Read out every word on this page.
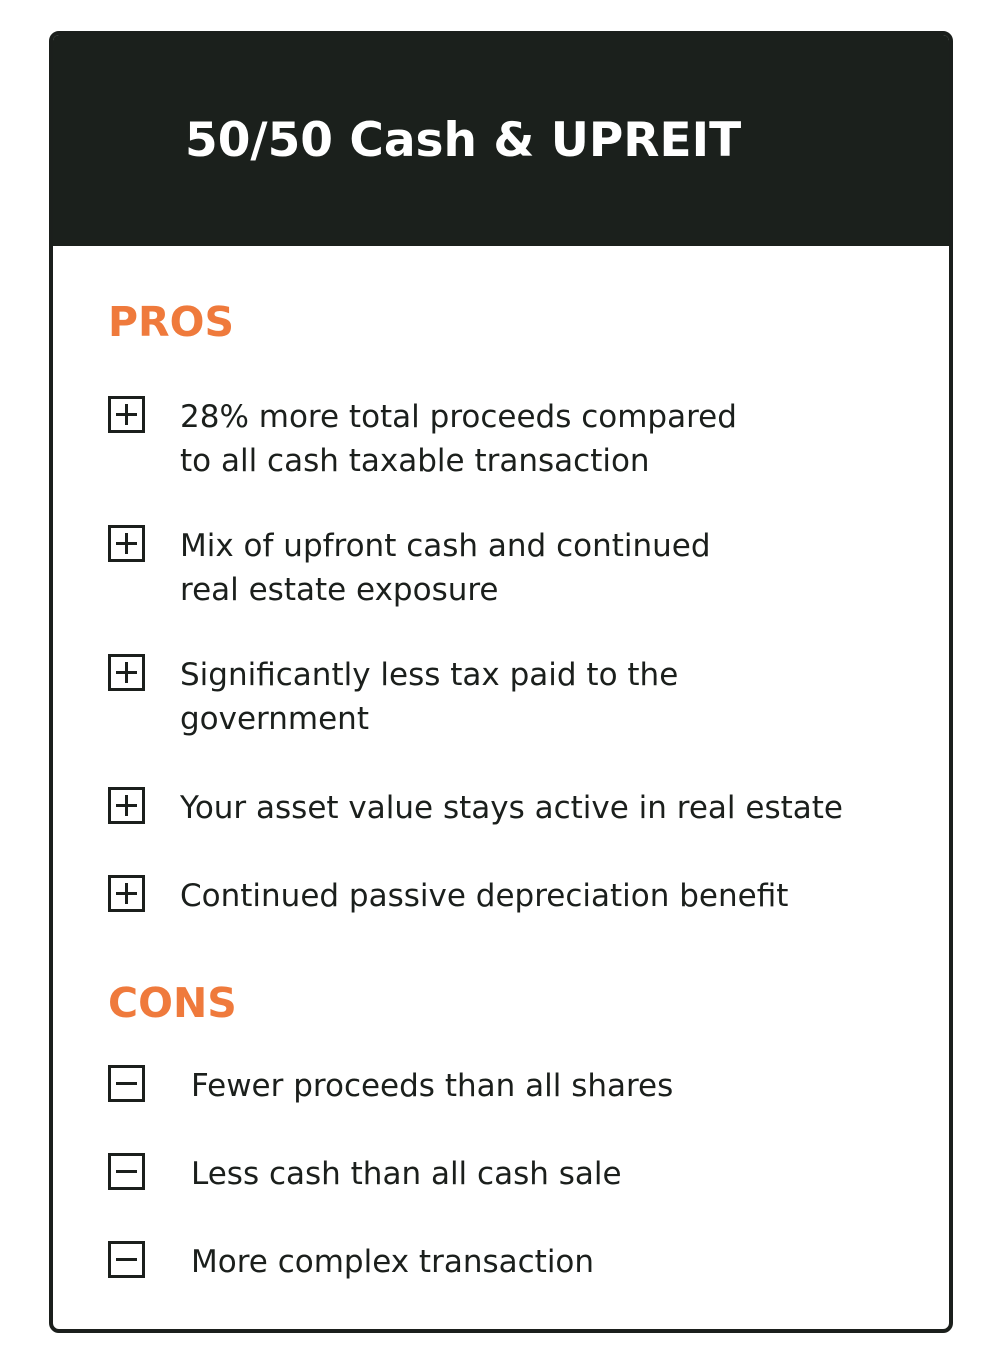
50/50 Cash & UPREIT
PROS

28% more total proceeds compared
to all cash taxable transaction

Mix of upfront cash and continued
real estate exposure

Significantly less tax paid to the
government

Your asset value stays active in real estate

Continued passive depreciation benefit

CONS

Fewer proceeds than all shares

Less cash than all cash sale

More complex transaction
